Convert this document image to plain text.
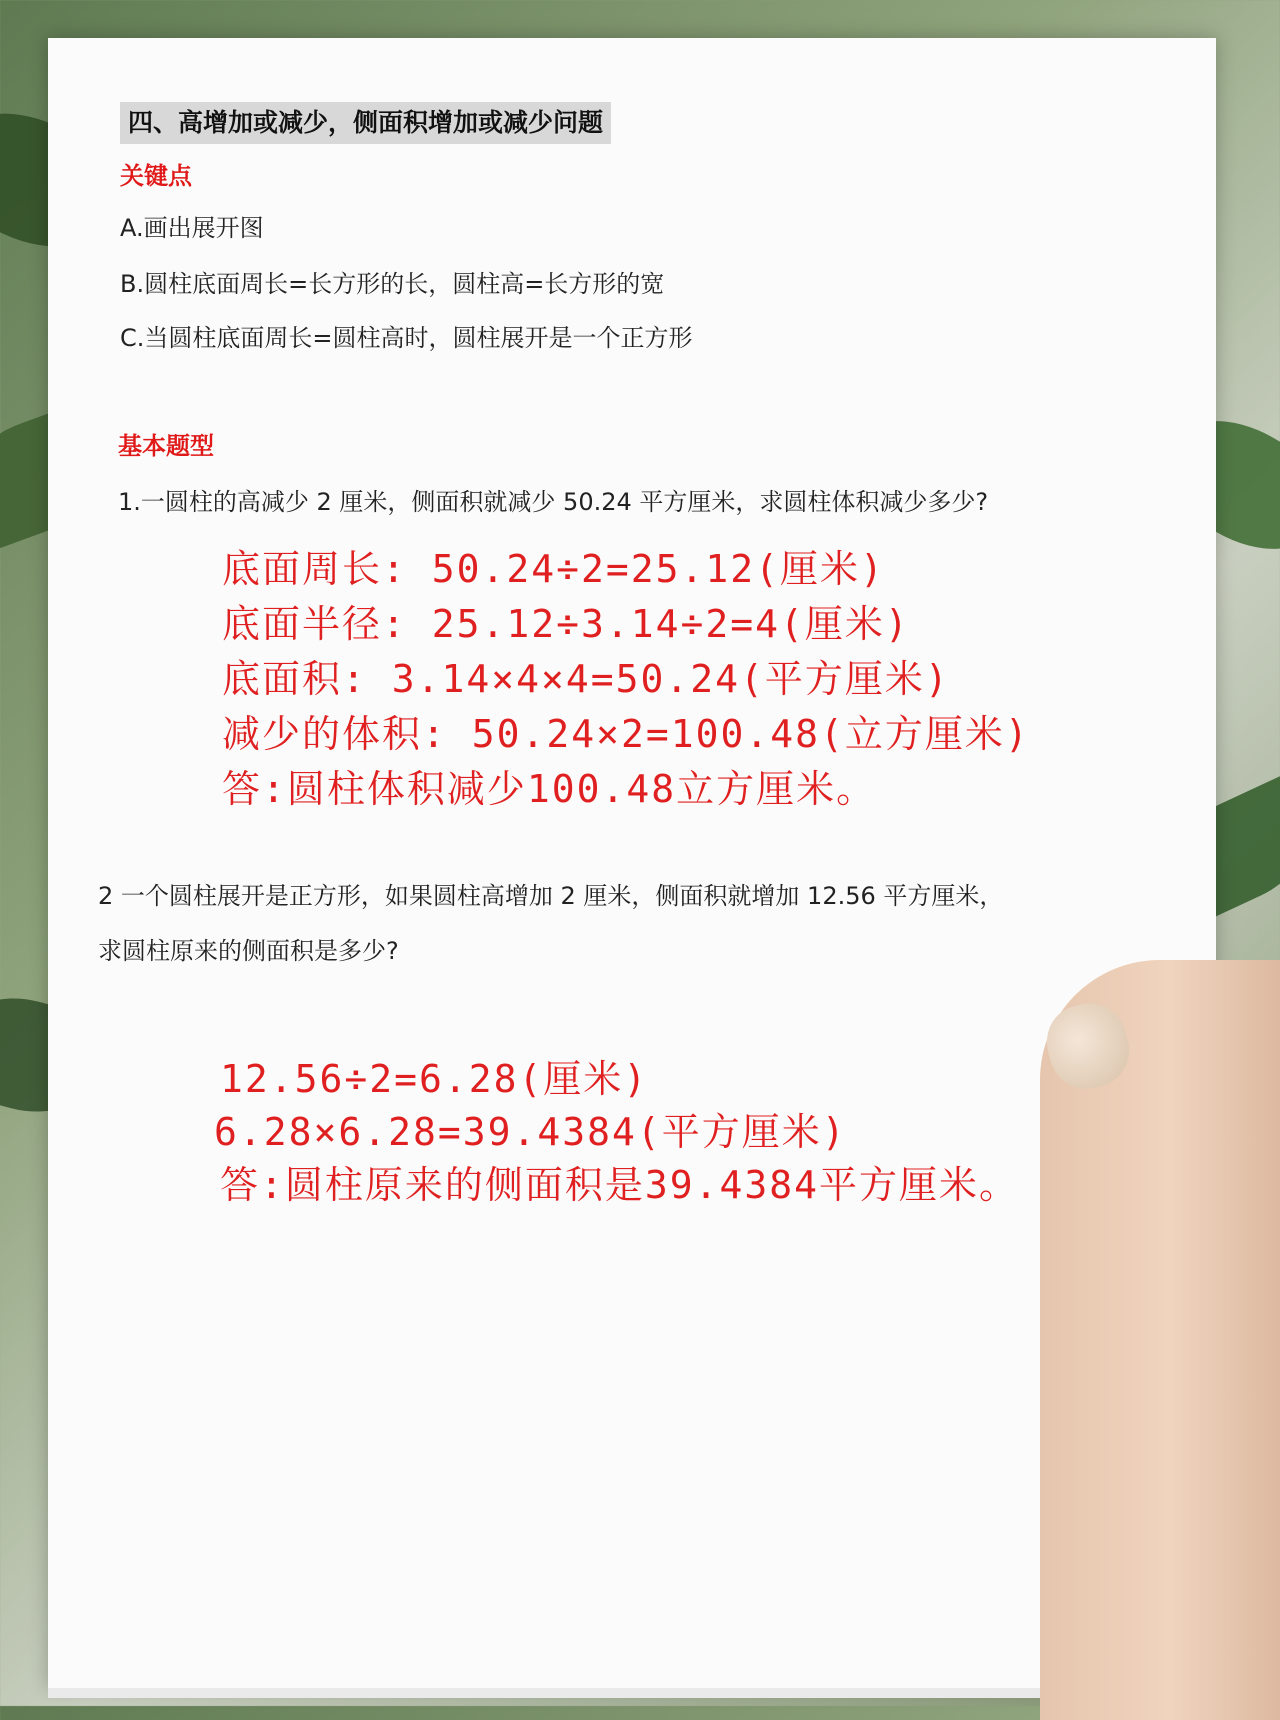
四、高增加或减少，侧面积增加或减少问题
关键点
A.画出展开图
B.圆柱底面周长=长方形的长，圆柱高=长方形的宽
C.当圆柱底面周长=圆柱高时，圆柱展开是一个正方形
基本题型
1.一圆柱的高减少 2 厘米，侧面积就减少 50.24 平方厘米，求圆柱体积减少多少?
底面周长: 50.24÷2=25.12(厘米)
底面半径: 25.12÷3.14÷2=4(厘米)
底面积: 3.14×4×4=50.24(平方厘米)
减少的体积: 50.24×2=100.48(立方厘米)
答:圆柱体积减少100.48立方厘米。
2 一个圆柱展开是正方形，如果圆柱高增加 2 厘米，侧面积就增加 12.56 平方厘米，
求圆柱原来的侧面积是多少?
12.56÷2=6.28(厘米)
6.28×6.28=39.4384(平方厘米)
答:圆柱原来的侧面积是39.4384平方厘米。
